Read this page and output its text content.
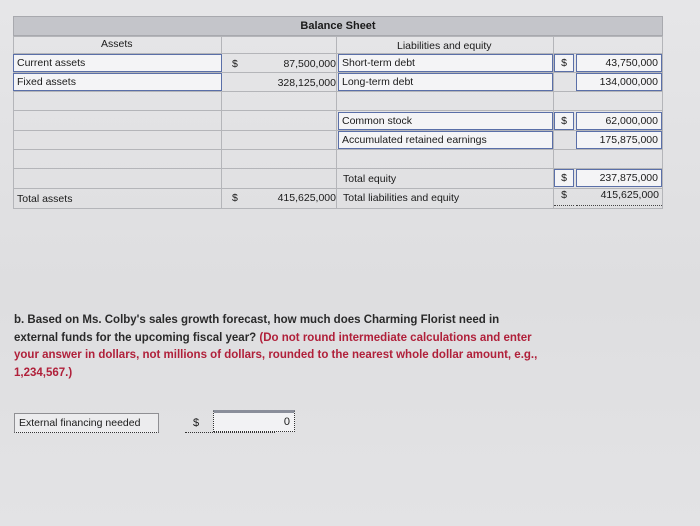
Balance Sheet
Assets	Liabilities and equity
Current assets	$	87,500,000 Short-term debt	$	43,750,000
Fixed assets	328,125,000 Long-term debt	134,000,000
Common stock	$	62,000,000
Accumulated retained earnings	175,875,000
Total equity	$	237,875,000
Total assets	$	415,625,000 Total liabilities and equity	$	415,625,000
b. Based on Ms. Colby's sales growth forecast, how much does Charming Florist need in external funds for the upcoming fiscal year? (Do not round intermediate calculations and enter your answer in dollars, not millions of dollars, rounded to the nearest whole dollar amount, e.g., 1,234,567.)
External financing needed	$	0
